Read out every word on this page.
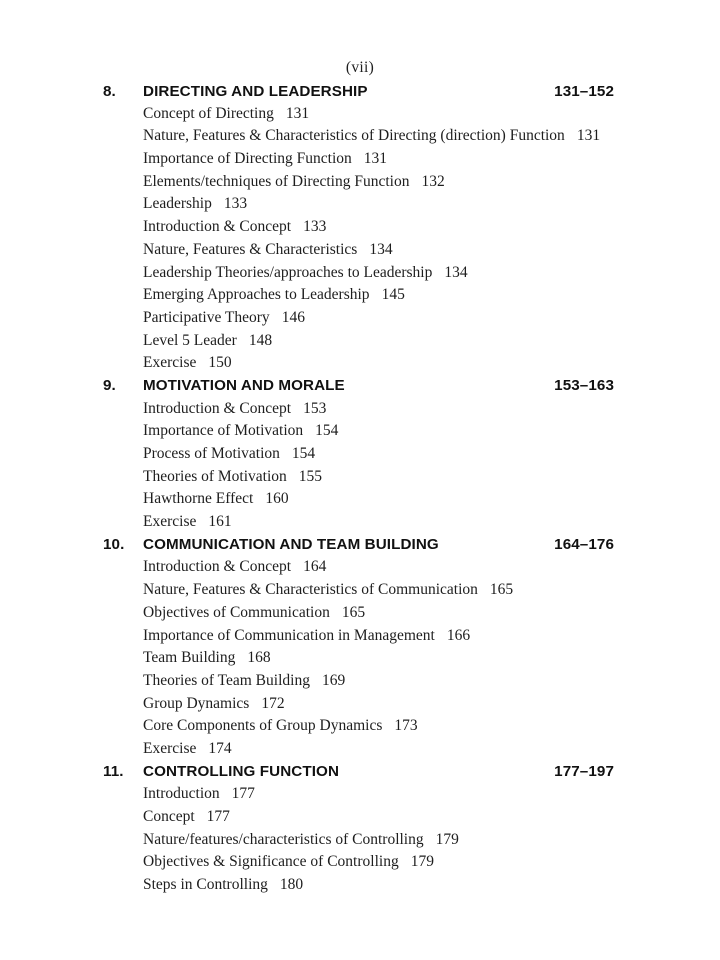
(vii)
8.	DIRECTING AND LEADERSHIP	131–152
Concept of Directing 131
Nature, Features & Characteristics of Directing (direction) Function 131
Importance of Directing Function 131
Elements/techniques of Directing Function 132
Leadership 133
Introduction & Concept 133
Nature, Features & Characteristics 134
Leadership Theories/approaches to Leadership 134
Emerging Approaches to Leadership 145
Participative Theory 146
Level 5 Leader 148
Exercise 150
9.	MOTIVATION AND MORALE	153–163
Introduction & Concept 153
Importance of Motivation 154
Process of Motivation 154
Theories of Motivation 155
Hawthorne Effect 160
Exercise 161
10.	COMMUNICATION AND TEAM BUILDING	164–176
Introduction & Concept 164
Nature, Features & Characteristics of Communication 165
Objectives of Communication 165
Importance of Communication in Management 166
Team Building 168
Theories of Team Building 169
Group Dynamics 172
Core Components of Group Dynamics 173
Exercise 174
11.	CONTROLLING FUNCTION	177–197
Introduction 177
Concept 177
Nature/features/characteristics of Controlling 179
Objectives & Significance of Controlling 179
Steps in Controlling 180
